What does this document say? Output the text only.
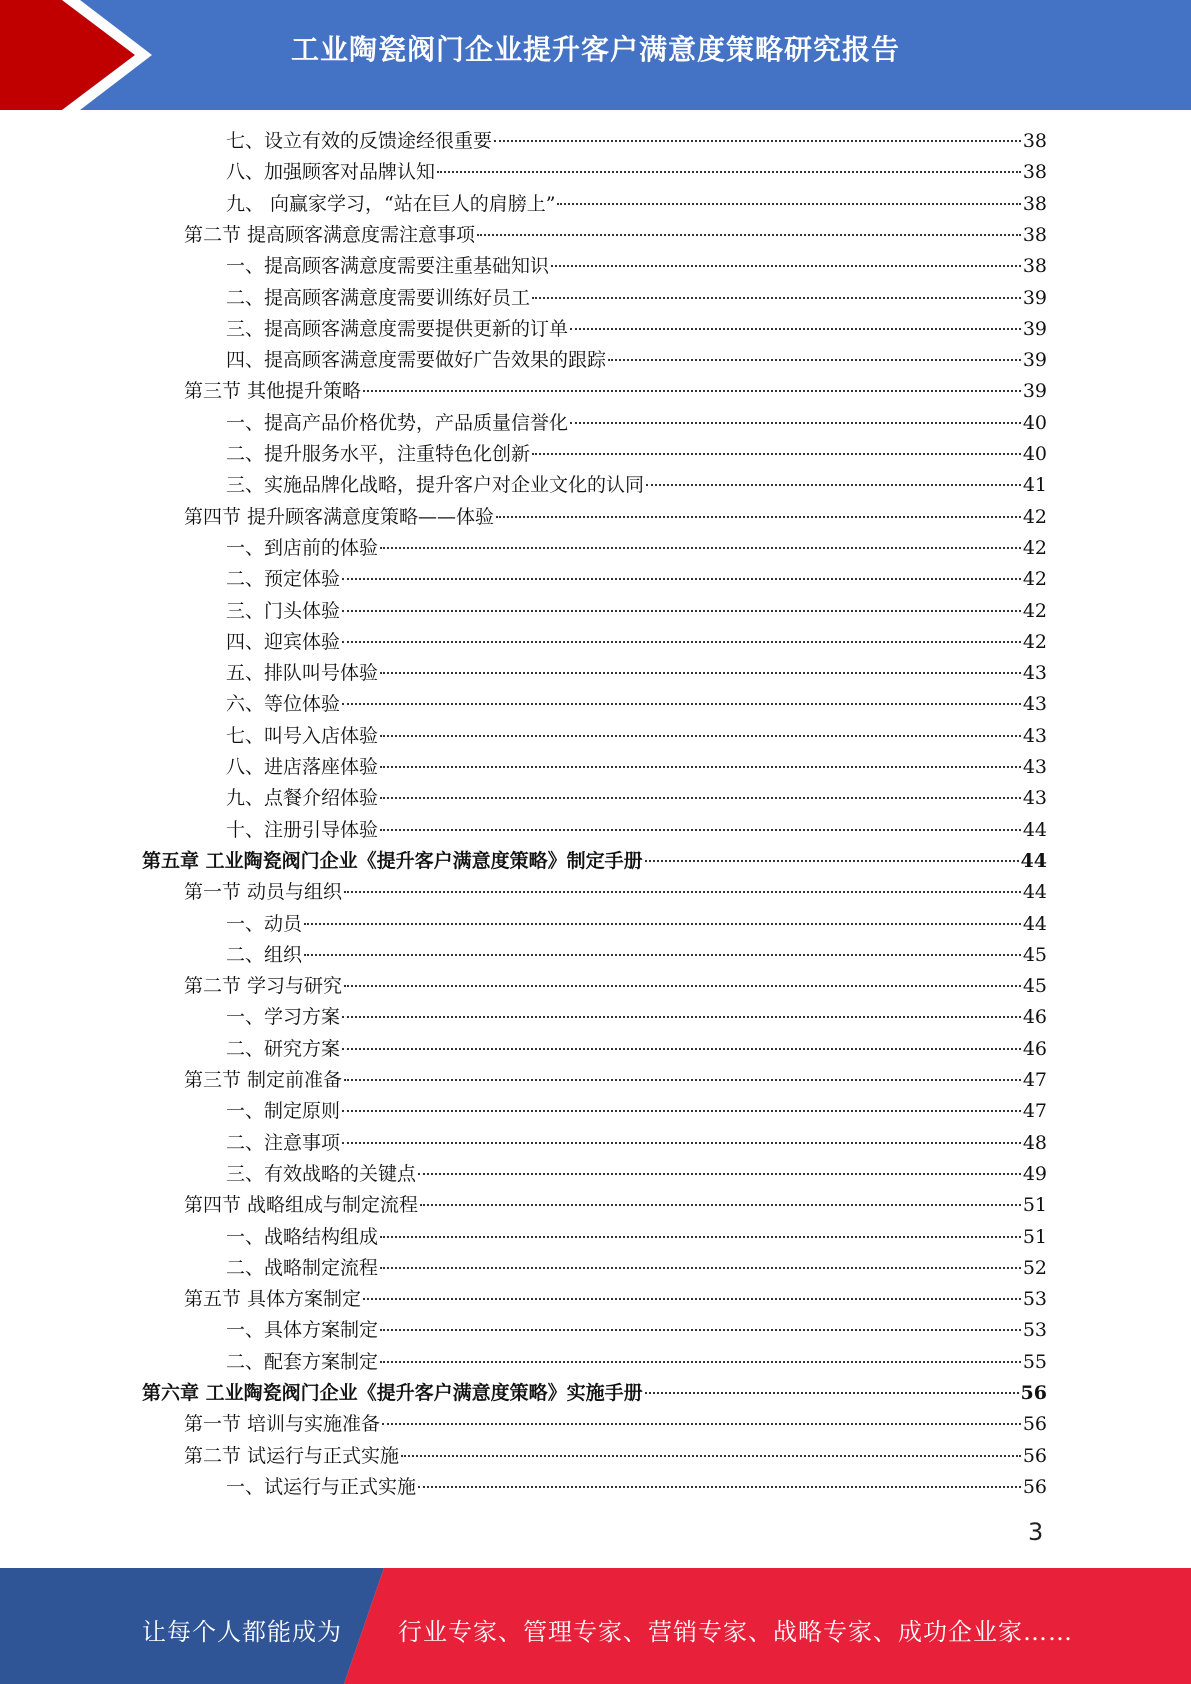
工业陶瓷阀门企业提升客户满意度策略研究报告
七、设立有效的反馈途经很重要	38
八、加强顾客对品牌认知	38
九、 向赢家学习，“站在巨人的肩膀上”	38
第二节 提高顾客满意度需注意事项	38
一、提高顾客满意度需要注重基础知识	38
二、提高顾客满意度需要训练好员工	39
三、提高顾客满意度需要提供更新的订单	39
四、提高顾客满意度需要做好广告效果的跟踪	39
第三节 其他提升策略	39
一、提高产品价格优势，产品质量信誉化	40
二、提升服务水平，注重特色化创新	40
三、实施品牌化战略，提升客户对企业文化的认同	41
第四节 提升顾客满意度策略——体验	42
一、到店前的体验	42
二、预定体验	42
三、门头体验	42
四、迎宾体验	42
五、排队叫号体验	43
六、等位体验	43
七、叫号入店体验	43
八、进店落座体验	43
九、点餐介绍体验	43
十、注册引导体验	44
第五章 工业陶瓷阀门企业《提升客户满意度策略》制定手册	44
第一节 动员与组织	44
一、动员	44
二、组织	45
第二节 学习与研究	45
一、学习方案	46
二、研究方案	46
第三节 制定前准备	47
一、制定原则	47
二、注意事项	48
三、有效战略的关键点	49
第四节 战略组成与制定流程	51
一、战略结构组成	51
二、战略制定流程	52
第五节 具体方案制定	53
一、具体方案制定	53
二、配套方案制定	55
第六章 工业陶瓷阀门企业《提升客户满意度策略》实施手册	56
第一节 培训与实施准备	56
第二节 试运行与正式实施	56
一、试运行与正式实施	56
3
让每个人都能成为 行业专家、管理专家、营销专家、战略专家、成功企业家……
